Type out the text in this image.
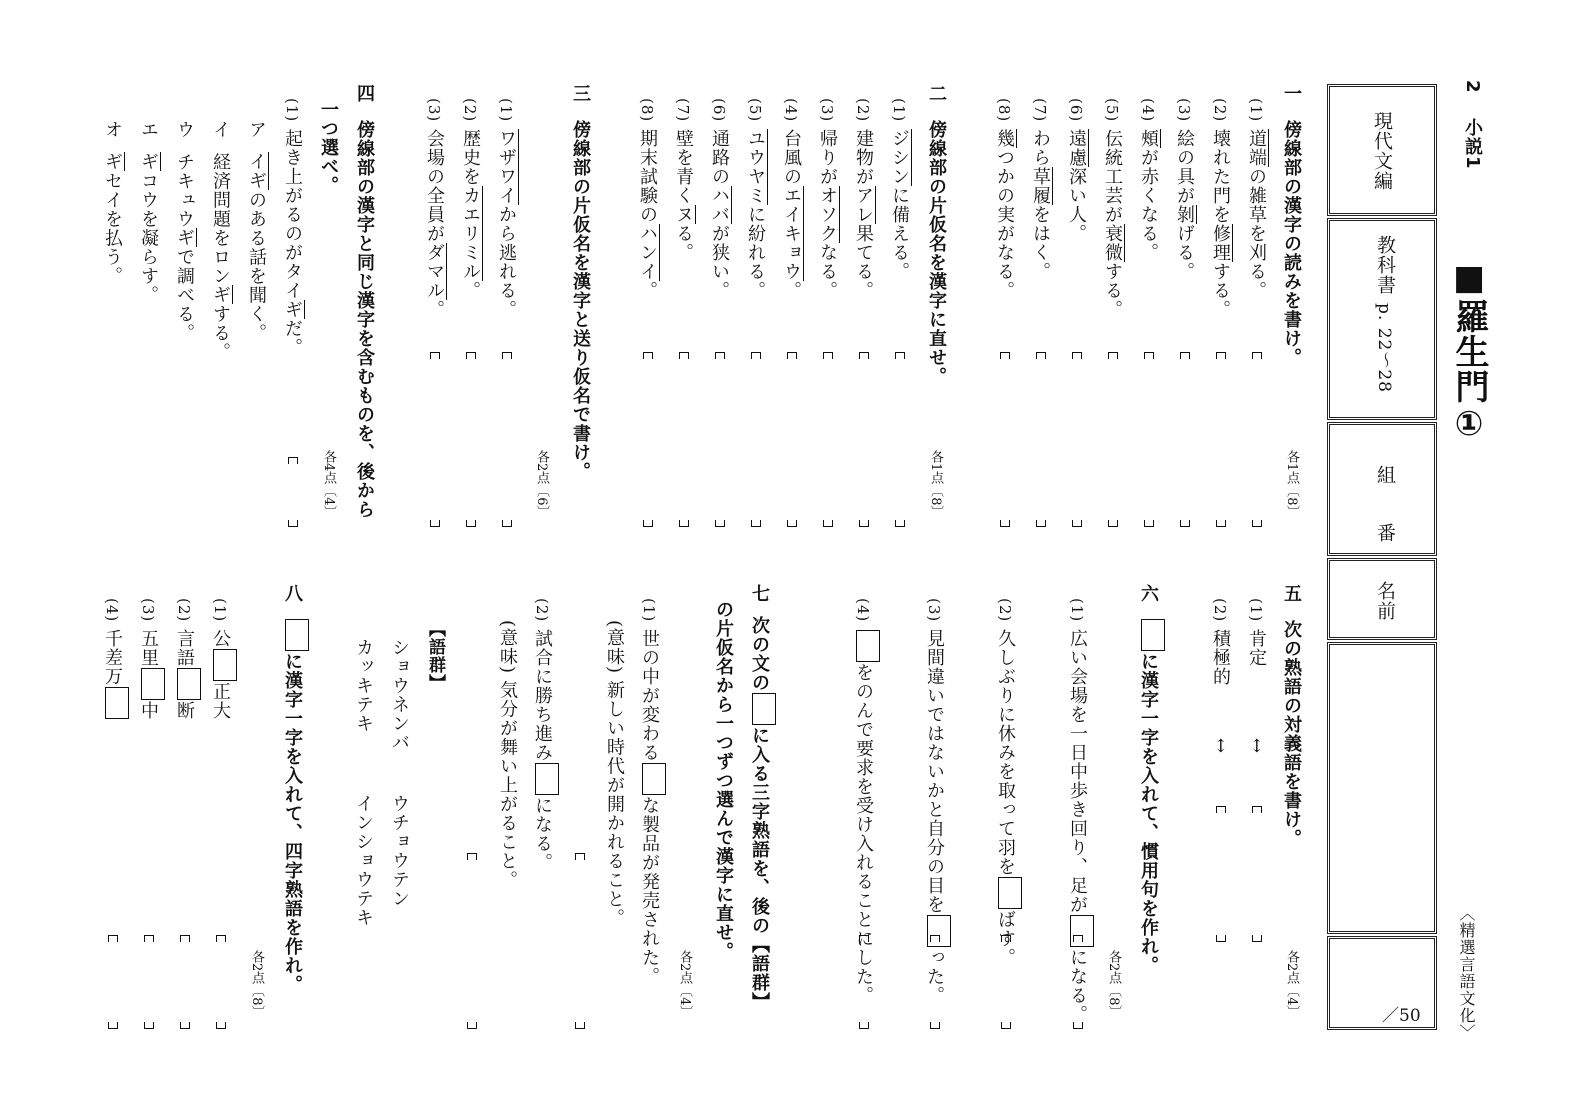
2
小説1
■羅生門①
〈精選言語文化〉
現代文編
教科書
p. 22〜28
組
番
名前
／50
一
傍線部の漢字の読みを書け。
各1点〔8〕
(1) 道端の雑草を刈る。
(2) 壊れた門を修理する。
(3) 絵の具が剝げる。
(4) 頰が赤くなる。
(5) 伝統工芸が衰微する。
(6) 遠慮深い人。
(7) わら草履をはく。
(8) 幾つかの実がなる。
二
傍線部の片仮名を漢字に直せ。
各1点〔8〕
(1) ジシンに備える。
(2) 建物がアレ果てる。
(3) 帰りがオソクなる。
(4) 台風のエイキョウ。
(5) ユウヤミに紛れる。
(6) 通路のハバが狭い。
(7) 壁を青くヌる。
(8) 期末試験のハンイ。
三
傍線部の片仮名を漢字と送り仮名で書け。
各2点〔6〕
(1) ワザワイから逃れる。
(2) 歴史をカエリミル。
(3) 会場の全員がダマル。
四
傍線部の漢字と同じ漢字を含むものを、後から
一つ選べ。
各4点〔4〕
(1) 起き上がるのがタイギだ。
ア  イギのある話を聞く。
イ  経済問題をロンギする。
ウ  チキュウギで調べる。
エ  ギコウを凝らす。
オ  ギセイを払う。
五
次の熟語の対義語を書け。
各2点〔4〕
(1) 肯定
↔
(2) 積極的
↔
六
に漢字一字を入れて、慣用句を作れ。
各2点〔8〕
(1) 広い会場を一日中歩き回り、足がになる。
(2) 久しぶりに休みを取って羽をばす。
(3) 見間違いではないかと自分の目をった。
(4) をのんで要求を受け入れることにした。
七
次の文のに入る三字熟語を、後の【語群】
の片仮名から一つずつ選んで漢字に直せ。
各2点〔4〕
(1) 世の中が変わるな製品が発売された。
(意味) 新しい時代が開かれること。
(2) 試合に勝ち進みになる。
(意味) 気分が舞い上がること。
【語群】
ショウネンバ
ウチョウテン
カッキテキ
インショウテキ
八
に漢字一字を入れて、四字熟語を作れ。
各2点〔8〕
(1) 公正大
(2) 言語断
(3) 五里中
(4) 千差万
